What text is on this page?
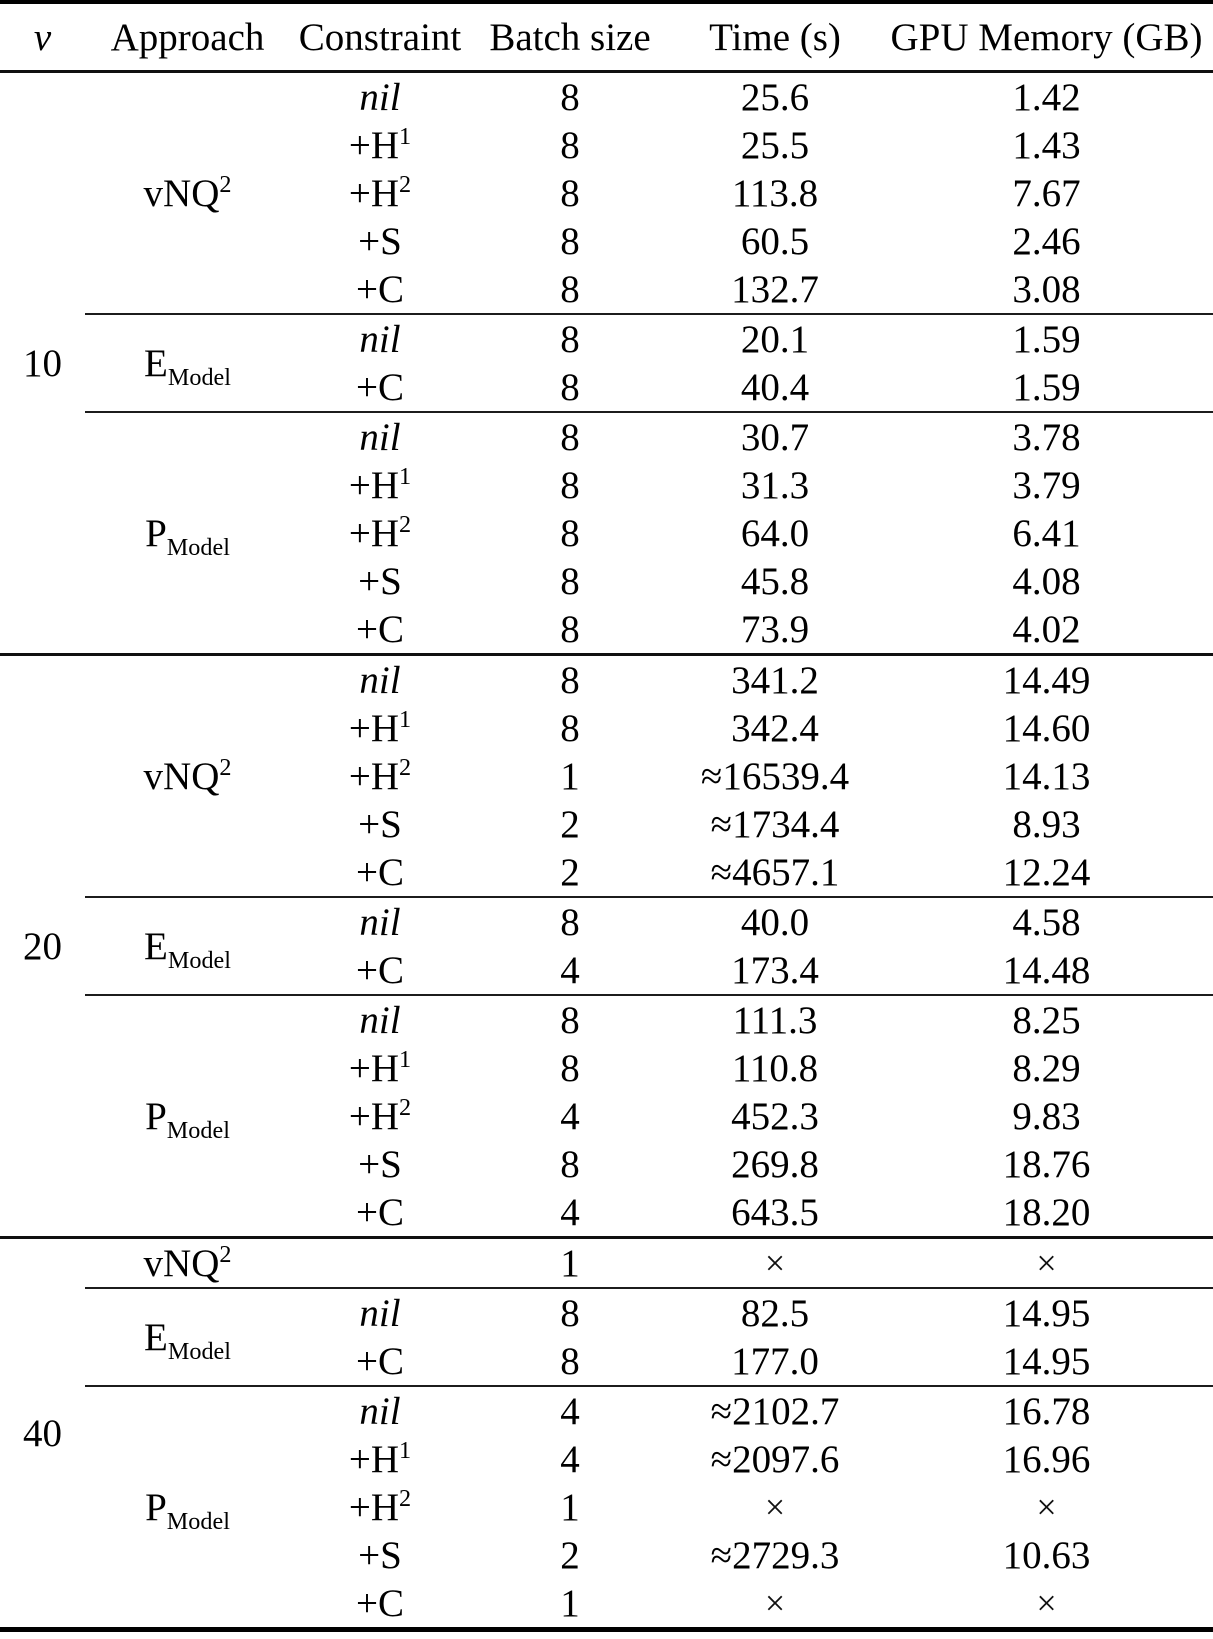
v	Approach	Constraint	Batch size	Time (s)	GPU Memory (GB)
10	vNQ$^2$	nil	8	25.6	1.42
		$+H^1$	8	25.5	1.43
		$+H^2$	8	113.8	7.67
		+S	8	60.5	2.46
		+C	8	132.7	3.08
	$E_{Model}$	nil	8	20.1	1.59
		+C	8	40.4	1.59
	$P_{Model}$	nil	8	30.7	3.78
		$+H^1$	8	31.3	3.79
		$+H^2$	8	64.0	6.41
		+S	8	45.8	4.08
		+C	8	73.9	4.02
20	vNQ$^2$	nil	8	341.2	14.49
		$+H^1$	8	342.4	14.60
		$+H^2$	1	≈16539.4	14.13
		+S	2	≈1734.4	8.93
		+C	2	≈4657.1	12.24
	$E_{Model}$	nil	8	40.0	4.58
		+C	4	173.4	14.48
	$P_{Model}$	nil	8	111.3	8.25
		$+H^1$	8	110.8	8.29
		$+H^2$	4	452.3	9.83
		+S	8	269.8	18.76
		+C	4	643.5	18.20
40	vNQ$^2$		1	×	×
	$E_{Model}$	nil	8	82.5	14.95
		+C	8	177.0	14.95
	$P_{Model}$	nil	4	≈2102.7	16.78
		$+H^1$	4	≈2097.6	16.96
		$+H^2$	1	×	×
		+S	2	≈2729.3	10.63
		+C	1	×	×
